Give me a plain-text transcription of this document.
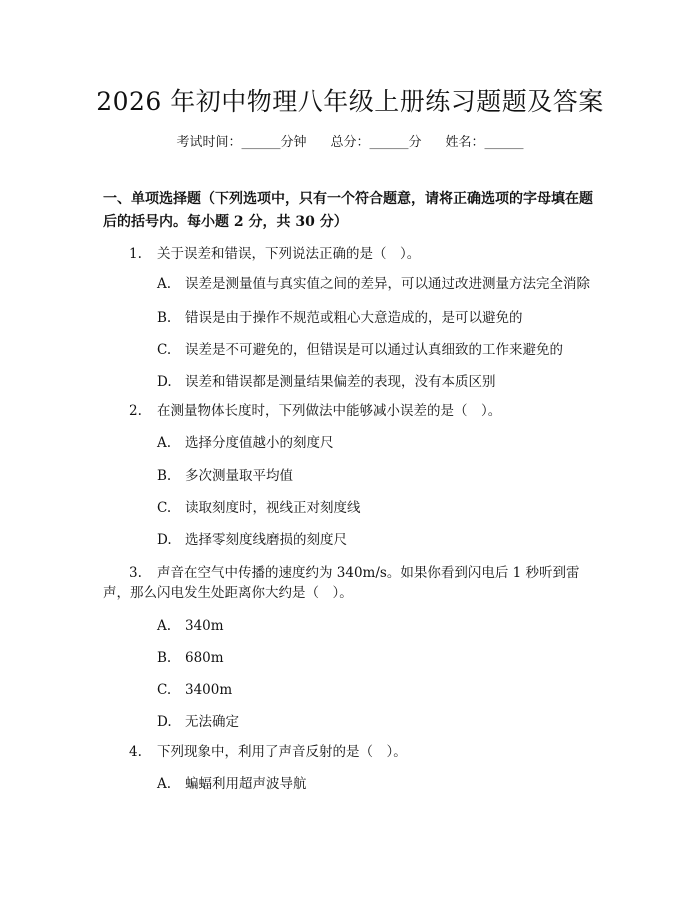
2026 年初中物理八年级上册练习题题及答案
考试时间：______分钟 总分：______分 姓名：______
一、单项选择题（下列选项中，只有一个符合题意，请将正确选项的字母填在题后的括号内。每小题 2 分，共 30 分）
1. 关于误差和错误，下列说法正确的是（　）。
A. 误差是测量值与真实值之间的差异，可以通过改进测量方法完全消除
B. 错误是由于操作不规范或粗心大意造成的，是可以避免的
C. 误差是不可避免的，但错误是可以通过认真细致的工作来避免的
D. 误差和错误都是测量结果偏差的表现，没有本质区别
2. 在测量物体长度时，下列做法中能够减小误差的是（　）。
A. 选择分度值越小的刻度尺
B. 多次测量取平均值
C. 读取刻度时，视线正对刻度线
D. 选择零刻度线磨损的刻度尺
3. 声音在空气中传播的速度约为 340m/s。如果你看到闪电后 1 秒听到雷
声，那么闪电发生处距离你大约是（　）。
A. 340m
B. 680m
C. 3400m
D. 无法确定
4. 下列现象中，利用了声音反射的是（　）。
A. 蝙蝠利用超声波导航
